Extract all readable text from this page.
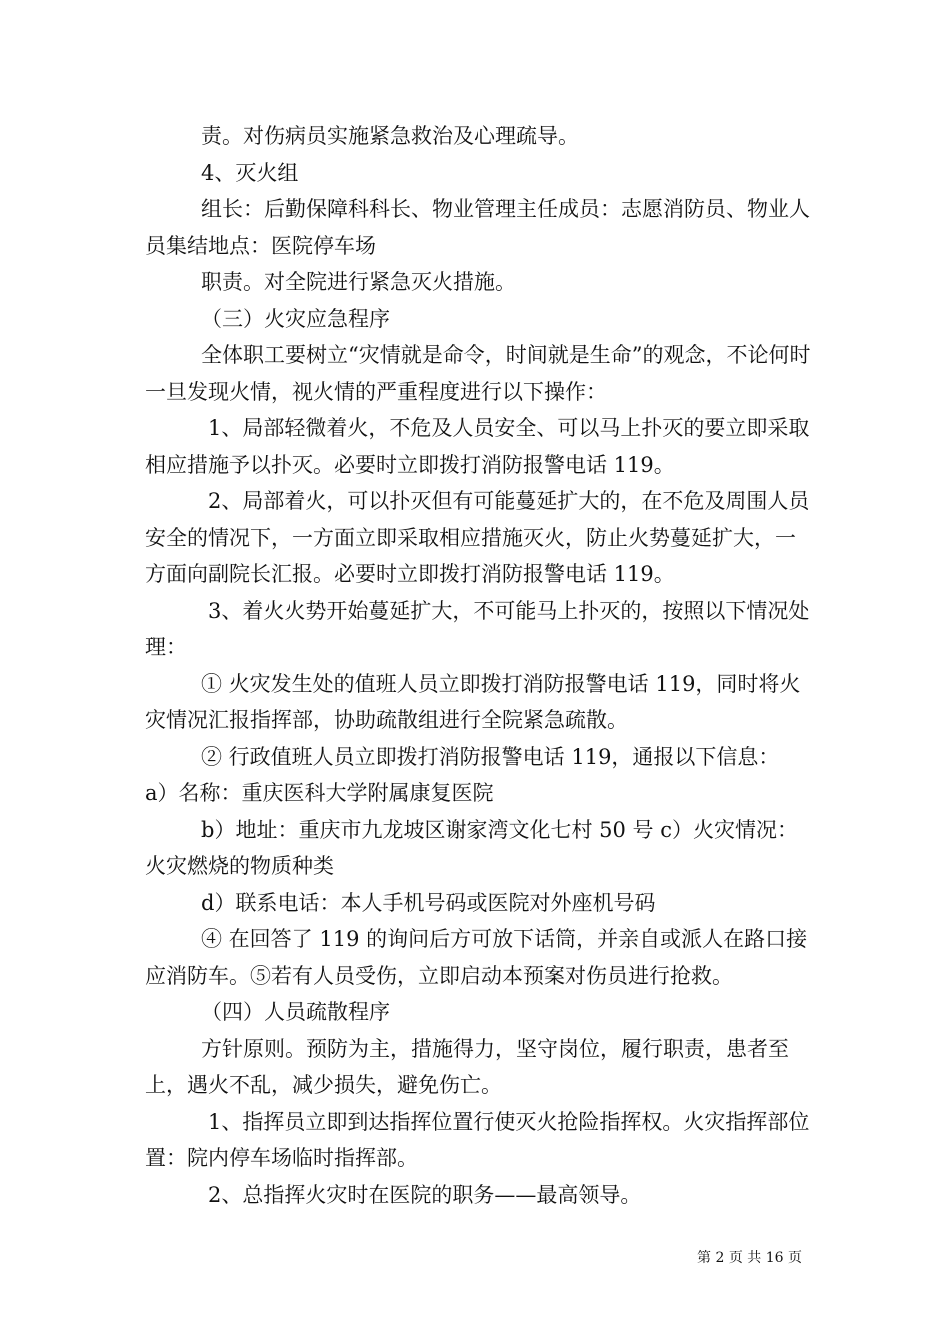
责。对伤病员实施紧急救治及心理疏导。

4、灭火组

组长：后勤保障科科长、物业管理主任成员：志愿消防员、物业人员集结地点：医院停车场

职责。对全院进行紧急灭火措施。

（三）火灾应急程序

全体职工要树立“灾情就是命令，时间就是生命”的观念，不论何时一旦发现火情，视火情的严重程度进行以下操作：

1、局部轻微着火，不危及人员安全、可以马上扑灭的要立即采取相应措施予以扑灭。必要时立即拨打消防报警电话 119。

2、局部着火，可以扑灭但有可能蔓延扩大的，在不危及周围人员安全的情况下，一方面立即采取相应措施灭火，防止火势蔓延扩大，一方面向副院长汇报。必要时立即拨打消防报警电话 119。

3、着火火势开始蔓延扩大，不可能马上扑灭的，按照以下情况处理：

① 火灾发生处的值班人员立即拨打消防报警电话 119，同时将火灾情况汇报指挥部，协助疏散组进行全院紧急疏散。

② 行政值班人员立即拨打消防报警电话 119，通报以下信息：

a）名称：重庆医科大学附属康复医院

b）地址：重庆市九龙坡区谢家湾文化七村 50 号 c）火灾情况：火灾燃烧的物质种类

d）联系电话：本人手机号码或医院对外座机号码

④ 在回答了 119 的询问后方可放下话筒，并亲自或派人在路口接应消防车。⑤若有人员受伤，立即启动本预案对伤员进行抢救。

（四）人员疏散程序

方针原则。预防为主，措施得力，坚守岗位，履行职责，患者至上，遇火不乱，减少损失，避免伤亡。

1、指挥员立即到达指挥位置行使灭火抢险指挥权。火灾指挥部位置：院内停车场临时指挥部。

2、总指挥火灾时在医院的职务——最高领导。

第 2 页 共 16 页
